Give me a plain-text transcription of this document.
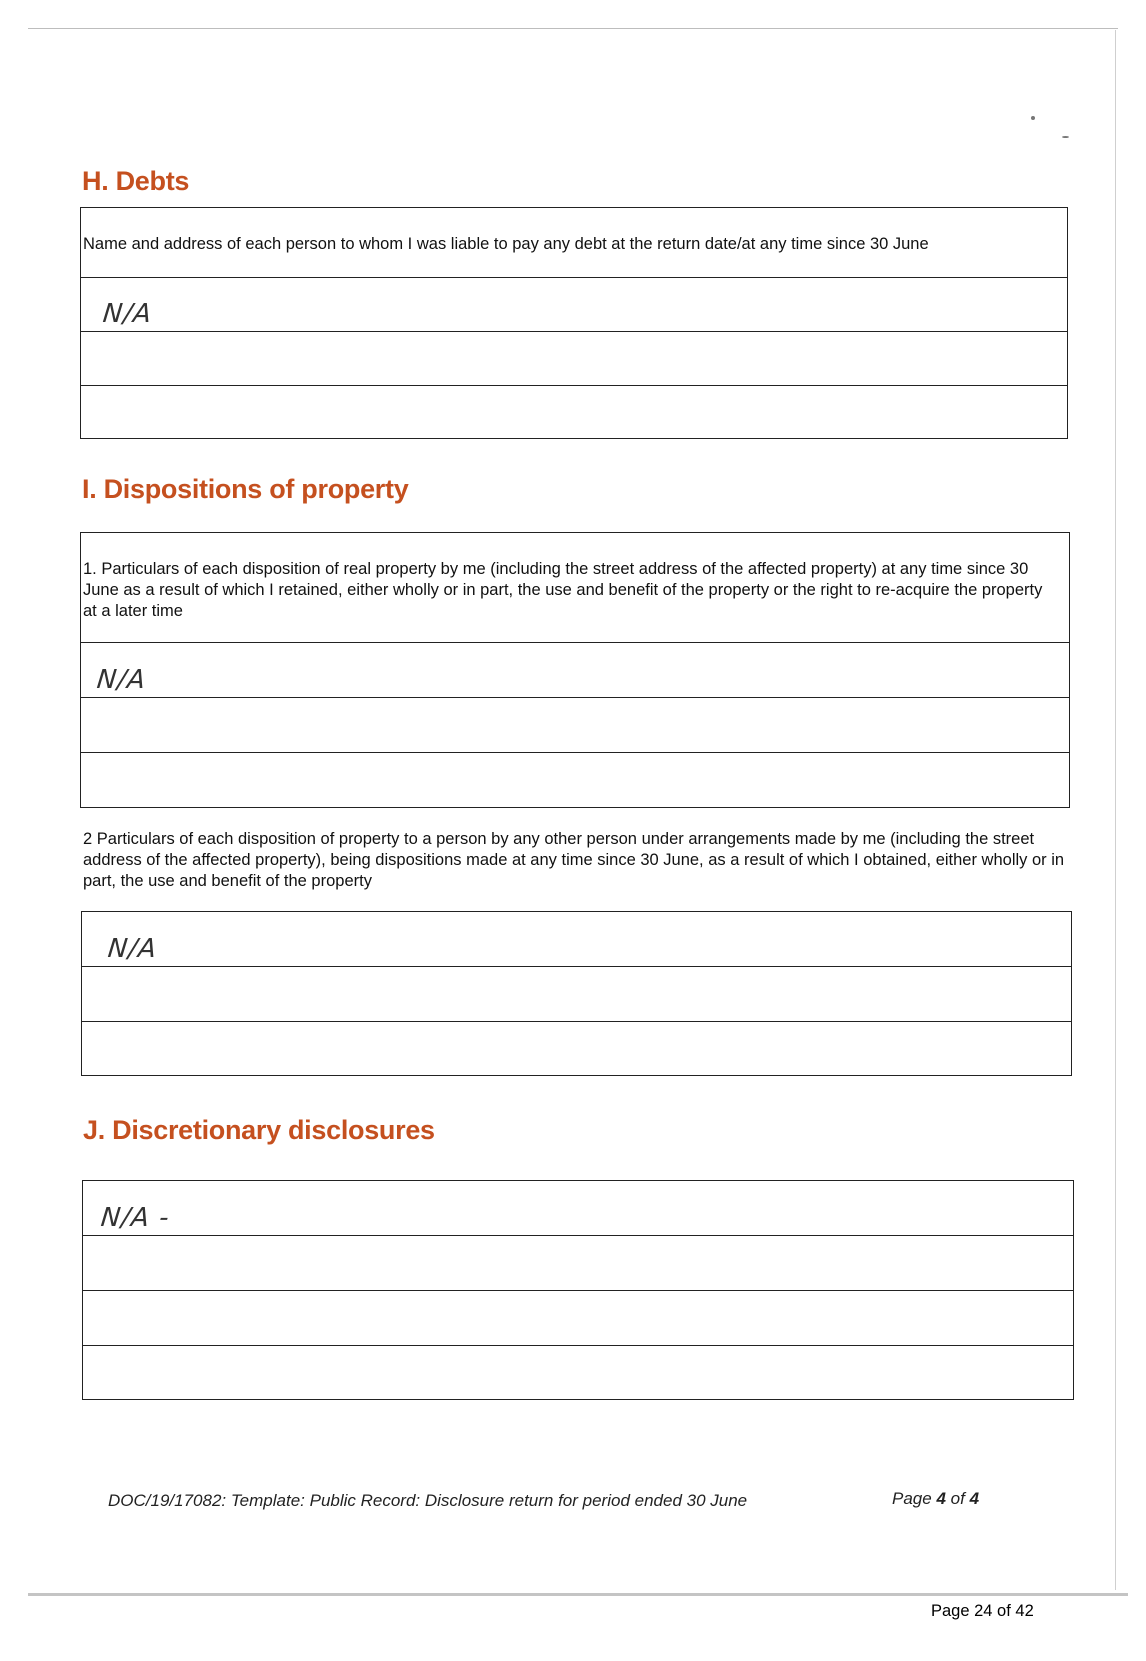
H. Debts
Name and address of each person to whom I was liable to pay any debt at the return date/at any time since 30 June
N/A
I. Dispositions of property
1. Particulars of each disposition of real property by me (including the street address of the affected property) at any time since 30 June as a result of which I retained, either wholly or in part, the use and benefit of the property or the right to re-acquire the property at a later time
N/A

2 Particulars of each disposition of property to a person by any other person under arrangements made by me (including the street address of the affected property), being dispositions made at any time since 30 June, as a result of which I obtained, either wholly or in part, the use and benefit of the property

N/A
J. Discretionary disclosures
N/A -
DOC/19/17082: Template: Public Record: Disclosure return for period ended 30 June	Page 4 of 4
Page 24 of 42
